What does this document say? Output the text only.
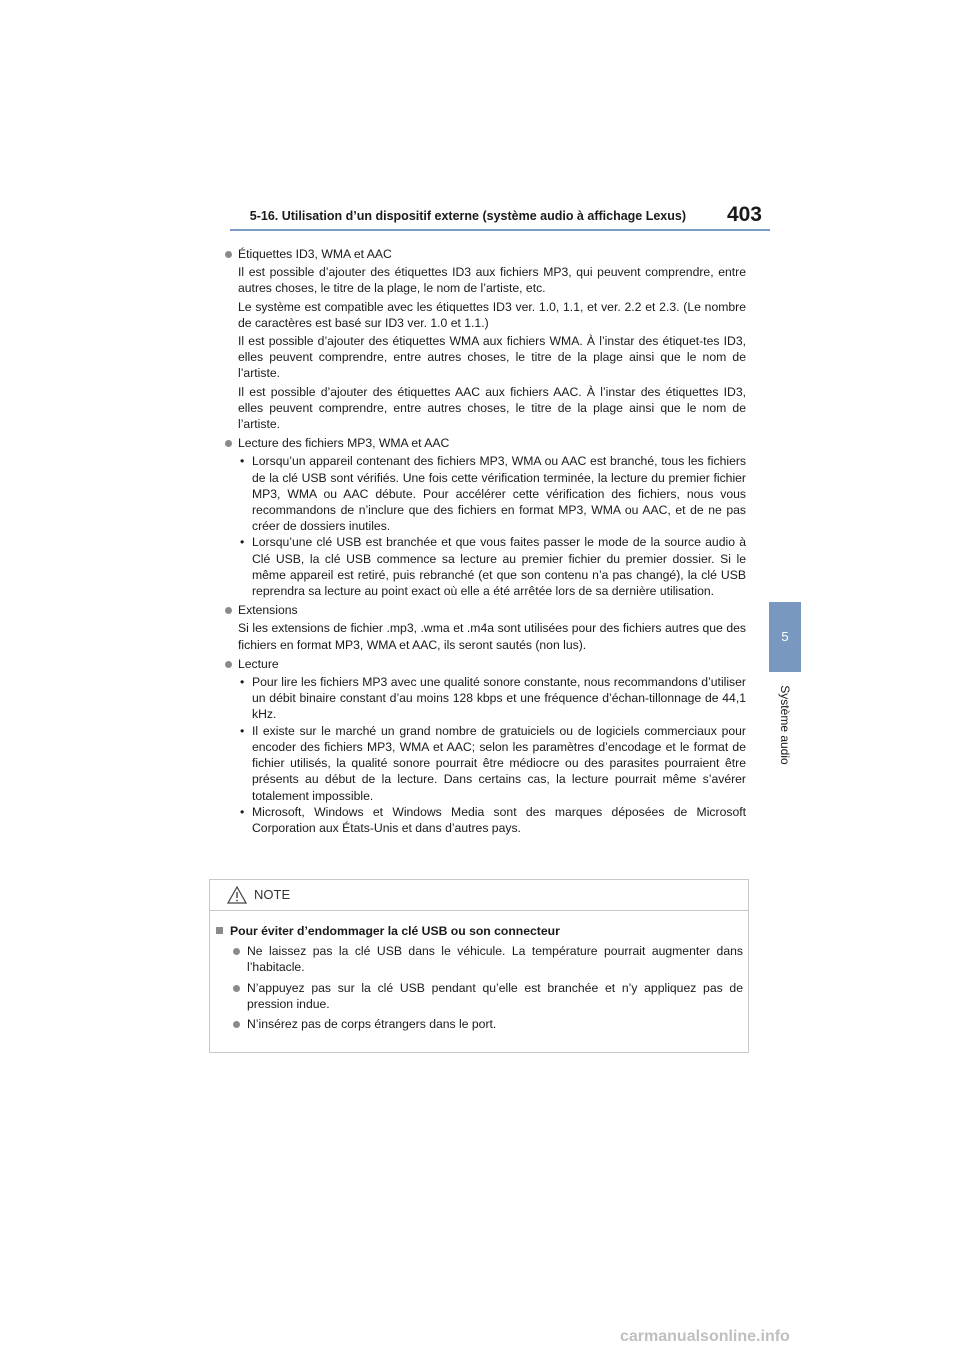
5-16. Utilisation d’un dispositif externe (système audio à affichage Lexus) 403
5
Système audio
Étiquettes ID3, WMA et AAC
Il est possible d’ajouter des étiquettes ID3 aux fichiers MP3, qui peuvent comprendre, entre autres choses, le titre de la plage, le nom de l’artiste, etc.
Le système est compatible avec les étiquettes ID3 ver. 1.0, 1.1, et ver. 2.2 et 2.3. (Le nombre de caractères est basé sur ID3 ver. 1.0 et 1.1.)
Il est possible d’ajouter des étiquettes WMA aux fichiers WMA. À l’instar des étiquet-tes ID3, elles peuvent comprendre, entre autres choses, le titre de la plage ainsi que le nom de l’artiste.
Il est possible d’ajouter des étiquettes AAC aux fichiers AAC. À l’instar des étiquettes ID3, elles peuvent comprendre, entre autres choses, le titre de la plage ainsi que le nom de l’artiste.
Lecture des fichiers MP3, WMA et AAC
• Lorsqu’un appareil contenant des fichiers MP3, WMA ou AAC est branché, tous les fichiers de la clé USB sont vérifiés. Une fois cette vérification terminée, la lecture du premier fichier MP3, WMA ou AAC débute. Pour accélérer cette vérification des fichiers, nous vous recommandons de n’inclure que des fichiers en format MP3, WMA ou AAC, et de ne pas créer de dossiers inutiles.
• Lorsqu’une clé USB est branchée et que vous faites passer le mode de la source audio à Clé USB, la clé USB commence sa lecture au premier fichier du premier dossier. Si le même appareil est retiré, puis rebranché (et que son contenu n’a pas changé), la clé USB reprendra sa lecture au point exact où elle a été arrêtée lors de sa dernière utilisation.
Extensions
Si les extensions de fichier .mp3, .wma et .m4a sont utilisées pour des fichiers autres que des fichiers en format MP3, WMA et AAC, ils seront sautés (non lus).
Lecture
• Pour lire les fichiers MP3 avec une qualité sonore constante, nous recommandons d’utiliser un débit binaire constant d’au moins 128 kbps et une fréquence d’échan-tillonnage de 44,1 kHz.
• Il existe sur le marché un grand nombre de gratuiciels ou de logiciels commerciaux pour encoder des fichiers MP3, WMA et AAC; selon les paramètres d’encodage et le format de fichier utilisés, la qualité sonore pourrait être médiocre ou des parasites pourraient être présents au début de la lecture. Dans certains cas, la lecture pourrait même s’avérer totalement impossible.
• Microsoft, Windows et Windows Media sont des marques déposées de Microsoft Corporation aux États-Unis et dans d’autres pays.
NOTE
Pour éviter d’endommager la clé USB ou son connecteur
Ne laissez pas la clé USB dans le véhicule. La température pourrait augmenter dans l’habitacle.
N’appuyez pas sur la clé USB pendant qu’elle est branchée et n’y appliquez pas de pression indue.
N’insérez pas de corps étrangers dans le port.
carmanualsonline.info
